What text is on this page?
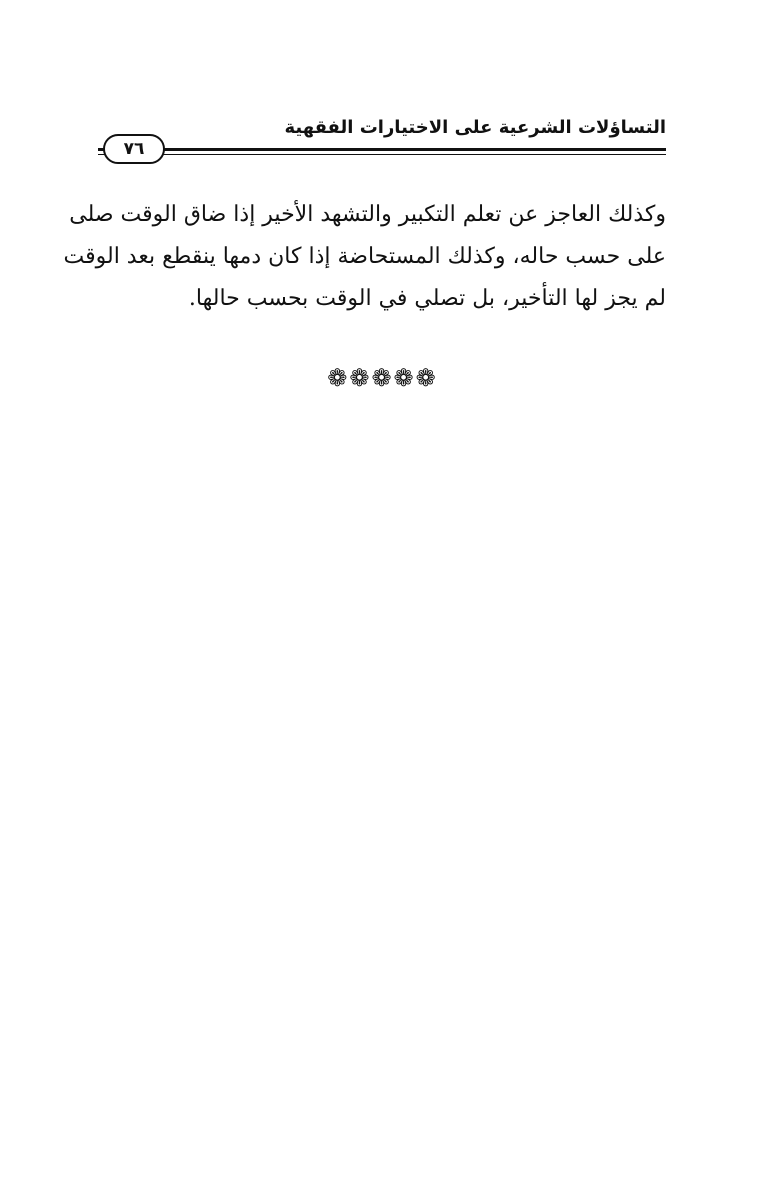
التساؤلات الشرعية على الاختيارات الفقهية
٧٦

وكذلك العاجز عن تعلم التكبير والتشهد الأخير إذا ضاق الوقت صلى
على حسب حاله، وكذلك المستحاضة إذا كان دمها ينقطع بعد الوقت
لم يجز لها التأخير، بل تصلي في الوقت بحسب حالها.

❁❁❁❁❁
